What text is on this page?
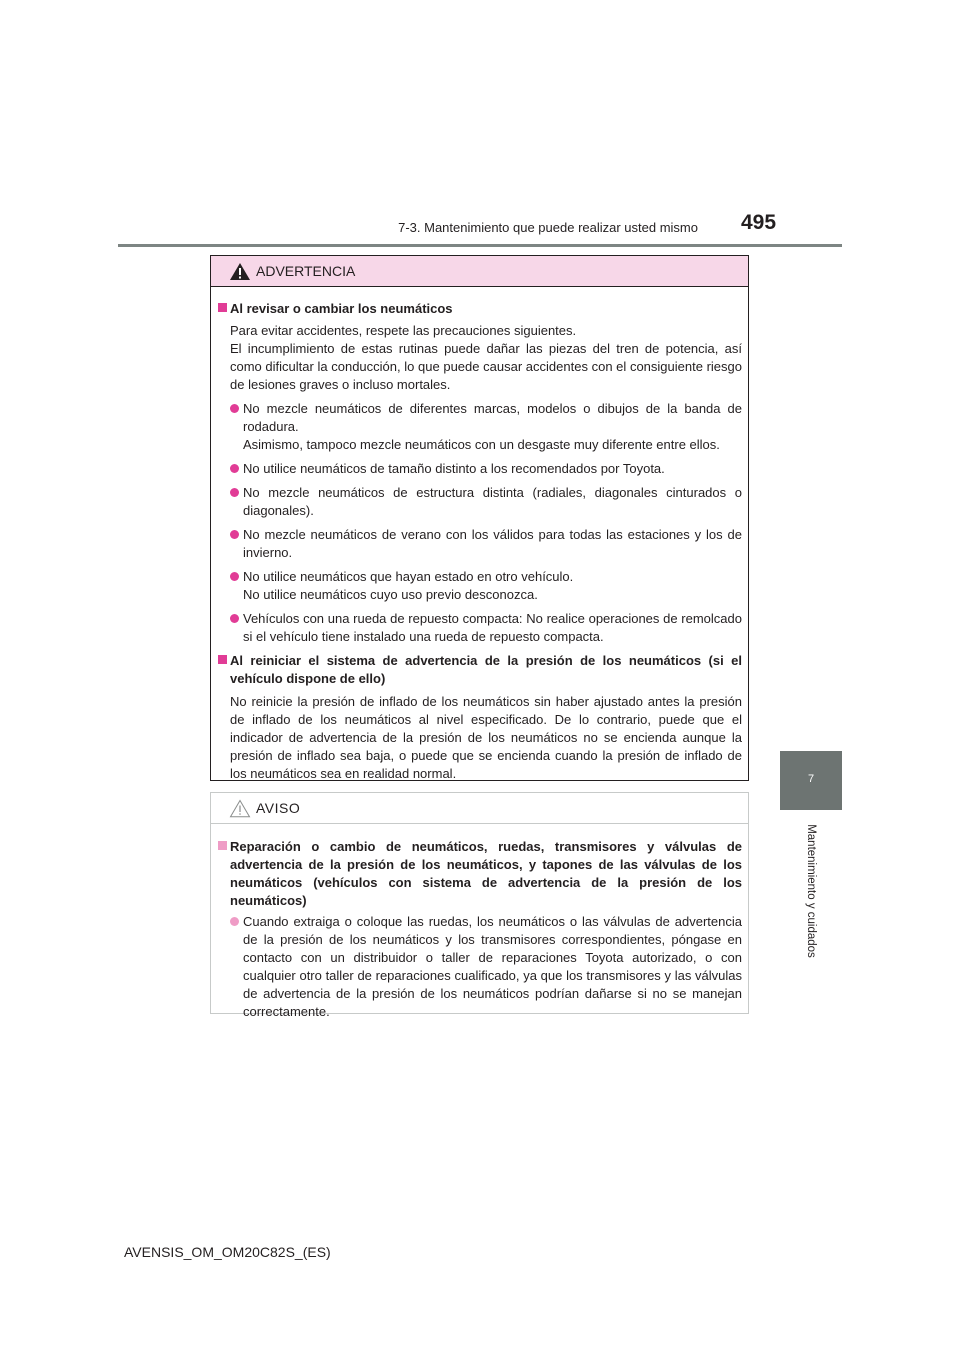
7-3. Mantenimiento que puede realizar usted mismo 495
7
Mantenimiento y cuidados
ADVERTENCIA
Al revisar o cambiar los neumáticos
Para evitar accidentes, respete las precauciones siguientes.
El incumplimiento de estas rutinas puede dañar las piezas del tren de potencia, así como dificultar la conducción, lo que puede causar accidentes con el consiguiente riesgo de lesiones graves o incluso mortales.
No mezcle neumáticos de diferentes marcas, modelos o dibujos de la banda de rodadura.
Asimismo, tampoco mezcle neumáticos con un desgaste muy diferente entre ellos.
No utilice neumáticos de tamaño distinto a los recomendados por Toyota.
No mezcle neumáticos de estructura distinta (radiales, diagonales cinturados o diagonales).
No mezcle neumáticos de verano con los válidos para todas las estaciones y los de invierno.
No utilice neumáticos que hayan estado en otro vehículo.
No utilice neumáticos cuyo uso previo desconozca.
Vehículos con una rueda de repuesto compacta: No realice operaciones de remolcado si el vehículo tiene instalado una rueda de repuesto compacta.
Al reiniciar el sistema de advertencia de la presión de los neumáticos (si el vehículo dispone de ello)
No reinicie la presión de inflado de los neumáticos sin haber ajustado antes la presión de inflado de los neumáticos al nivel especificado. De lo contrario, puede que el indicador de advertencia de la presión de los neumáticos no se encienda aunque la presión de inflado sea baja, o puede que se encienda cuando la presión de inflado de los neumáticos sea en realidad normal.
AVISO
Reparación o cambio de neumáticos, ruedas, transmisores y válvulas de advertencia de la presión de los neumáticos, y tapones de las válvulas de los neumáticos (vehículos con sistema de advertencia de la presión de los neumáticos)
Cuando extraiga o coloque las ruedas, los neumáticos o las válvulas de advertencia de la presión de los neumáticos y los transmisores correspondientes, póngase en contacto con un distribuidor o taller de reparaciones Toyota autorizado, o con cualquier otro taller de reparaciones cualificado, ya que los transmisores y las válvulas de advertencia de la presión de los neumáticos podrían dañarse si no se manejan correctamente.
AVENSIS_OM_OM20C82S_(ES)
